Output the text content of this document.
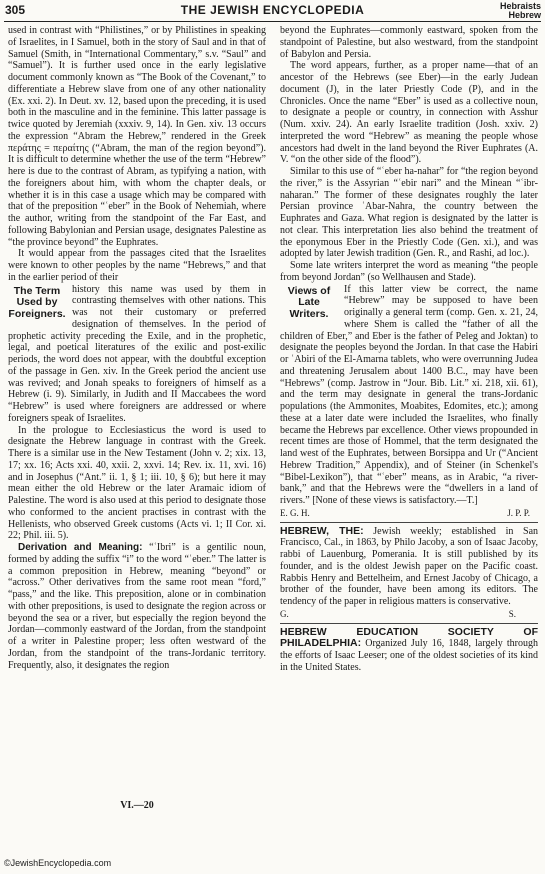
305	THE JEWISH ENCYCLOPEDIA	Hebraists
Hebrew

used in contrast with “Philistines,” or by Philistines in speaking of Israelites, in I Samuel, both in the story of Saul and in that of Samuel (Smith, in “International Commentary,” s.v. “Saul” and “Samuel”). It is further used once in the early legislative document commonly known as “The Book of the Covenant,” to differentiate a Hebrew slave from one of any other nationality (Ex. xxi. 2). In Deut. xv. 12, based upon the preceding, it is used both in the masculine and in the feminine. This latter passage is twice quoted by Jeremiah (xxxiv. 9, 14). In Gen. xiv. 13 occurs the expression “Abram the Hebrew,” rendered in the Greek περάτης = περαίτης (“Abram, the man of the region beyond”). It is difficult to determine whether the use of the term “Hebrew” here is due to the contrast of Abram, as typifying a nation, with the foreigners about him, with whom the chapter deals, or whether it is in this case a usage which may be compared with that of the preposition “ʿeber” in the Book of Nehemiah, where the author, writing from the standpoint of the Far East, and following Babylonian and Persian usage, designates Palestine as “the province beyond” the Euphrates.

It would appear from the passages cited that the Israelites were known to other peoples by the name “Hebrews,” and that in the earlier period of their

The Term Used by Foreigners.

history this name was used by them in contrasting themselves with other nations. This was not their customary or preferred designation of themselves. In the period of prophetic activity preceding the Exile, and in the prophetic, legal, and poetical literatures of the exilic and post-exilic periods, the word does not appear, with the doubtful exception of the passage in Gen. xiv. In the Greek period the ancient use was revived; and Jonah speaks to foreigners of himself as a Hebrew (i. 9). Similarly, in Judith and II Maccabees the word “Hebrew” is used where foreigners are addressed or where foreigners speak of Israelites.

In the prologue to Ecclesiasticus the word is used to designate the Hebrew language in contrast with the Greek. There is a similar use in the New Testament (John v. 2; xix. 13, 17; xx. 16; Acts xxi. 40, xxii. 2, xxvi. 14; Rev. ix. 11, xvi. 16) and in Josephus (“Ant.” ii. 1, § 1; iii. 10, § 6); but here it may mean either the old Hebrew or the later Aramaic idiom of Palestine. The word is also used at this period to designate those who conformed to the ancient practises in contrast with the Hellenists, who observed Greek customs (Acts vi. 1; II Cor. xi. 22; Phil. iii. 5).

Derivation and Meaning: “ʿIbri” is a gentilic noun, formed by adding the suffix “i” to the word “ʿeber.” The latter is a common preposition in Hebrew, meaning “beyond” or “across.” Other derivatives from the same root mean “ford,” “pass,” and the like. This preposition, alone or in combination with other prepositions, is used to designate the region across or beyond the sea or a river, but especially the region beyond the Jordan—commonly eastward of the Jordan, from the standpoint of a writer in Palestine proper; less often westward of the Jordan, from the standpoint of the trans-Jordanic territory. Frequently, also, it designates the region

VI.—20

beyond the Euphrates—commonly eastward, spoken from the standpoint of Palestine, but also westward, from the standpoint of Babylon and Persia.

The word appears, further, as a proper name—that of an ancestor of the Hebrews (see Eber)—in the early Judean document (J), in the later Priestly Code (P), and in the Chronicles. Once the name “Eber” is used as a collective noun, to designate a people or country, in connection with Asshur (Num. xxiv. 24). An early Israelite tradition (Josh. xxiv. 2) interpreted the word “Hebrew” as meaning the people whose ancestors had dwelt in the land beyond the River Euphrates (A. V. “on the other side of the flood”).

Similar to this use of “ʿeber ha-nahar” for “the region beyond the river,” is the Assyrian “ʿebir nari” and the Minean “ʿibr-naharan.” The former of these designates roughly the later Persian province ʿAbar-Nahra, the country between the Euphrates and Gaza. What region is designated by the latter is not clear. This interpretation lies also behind the treatment of the eponymous Eber in the Priestly Code (Gen. xi.), and was adopted by later Jewish tradition (Gen. R., and Rashi, ad loc.).

Some late writers interpret the word as meaning “the people from beyond Jordan” (so Wellhausen and Stade).

Views of Late Writers.

If this latter view be correct, the name “Hebrew” may be supposed to have been originally a general term (comp. Gen. x. 21, 24, where Shem is called the “father of all the children of Eber,” and Eber is the father of Peleg and Joktan) to designate the peoples beyond the Jordan. In that case the Habiri or ʿAbiri of the El-Amarna tablets, who were overrunning Judea and threatening Jerusalem about 1400 B.C., may have been “Hebrews” (comp. Jastrow in “Jour. Bib. Lit.” xi. 218, xii. 61), and the term may designate in general the trans-Jordanic populations (the Ammonites, Moabites, Edomites, etc.); among these at a later date were included the Israelites, who finally became the Hebrews par excellence. Other views propounded in recent times are those of Hommel, that the term designated the land west of the Euphrates, between Borsippa and Ur (“Ancient Hebrew Tradition,” Appendix), and of Steiner (in Schenkel's “Bibel-Lexikon”), that “ʿeber” means, as in Arabic, “a river-bank,” and that the Hebrews were the “dwellers in a land of rivers.” [None of these views is satisfactory.—T.]

E. G. H.	J. P. P.

HEBREW, THE: Jewish weekly; established in San Francisco, Cal., in 1863, by Philo Jacoby, a son of Isaac Jacoby, rabbi of Lauenburg, Pomerania. It is still published by its founder, and is the oldest Jewish paper on the Pacific coast. Rabbis Henry and Bettelheim, and Ernest Jacoby of Chicago, a brother of the founder, have been among its editors. The tendency of the paper in religious matters is conservative.

G.	S.

HEBREW EDUCATION SOCIETY OF PHILADELPHIA: Organized July 16, 1848, largely through the efforts of Isaac Leeser; one of the oldest societies of its kind in the United States.

©JewishEncyclopedia.com
